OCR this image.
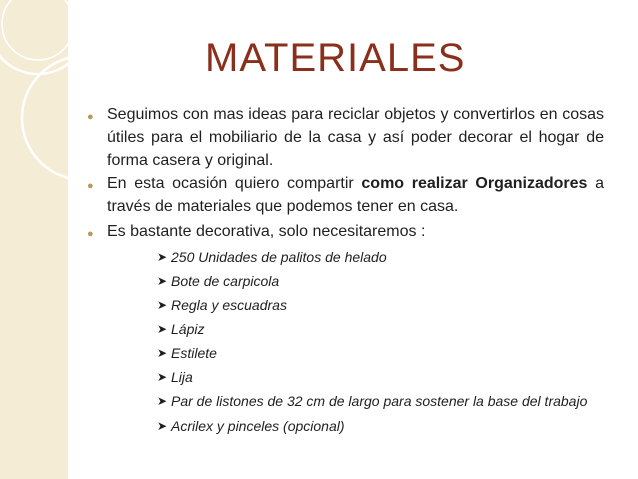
MATERIALES
● Seguimos con mas ideas para reciclar objetos y convertirlos en cosas útiles para el mobiliario de la casa y así poder decorar el hogar de forma casera y original.
● En esta ocasión quiero compartir como realizar Organizadores a través de materiales que podemos tener en casa.
● Es bastante decorativa, solo necesitaremos :
➤ 250 Unidades de palitos de helado
➤ Bote de carpicola
➤ Regla y escuadras
➤ Lápiz
➤ Estilete
➤ Lija
➤ Par de listones de 32 cm de largo para sostener la base del trabajo
➤ Acrilex y pinceles (opcional)
